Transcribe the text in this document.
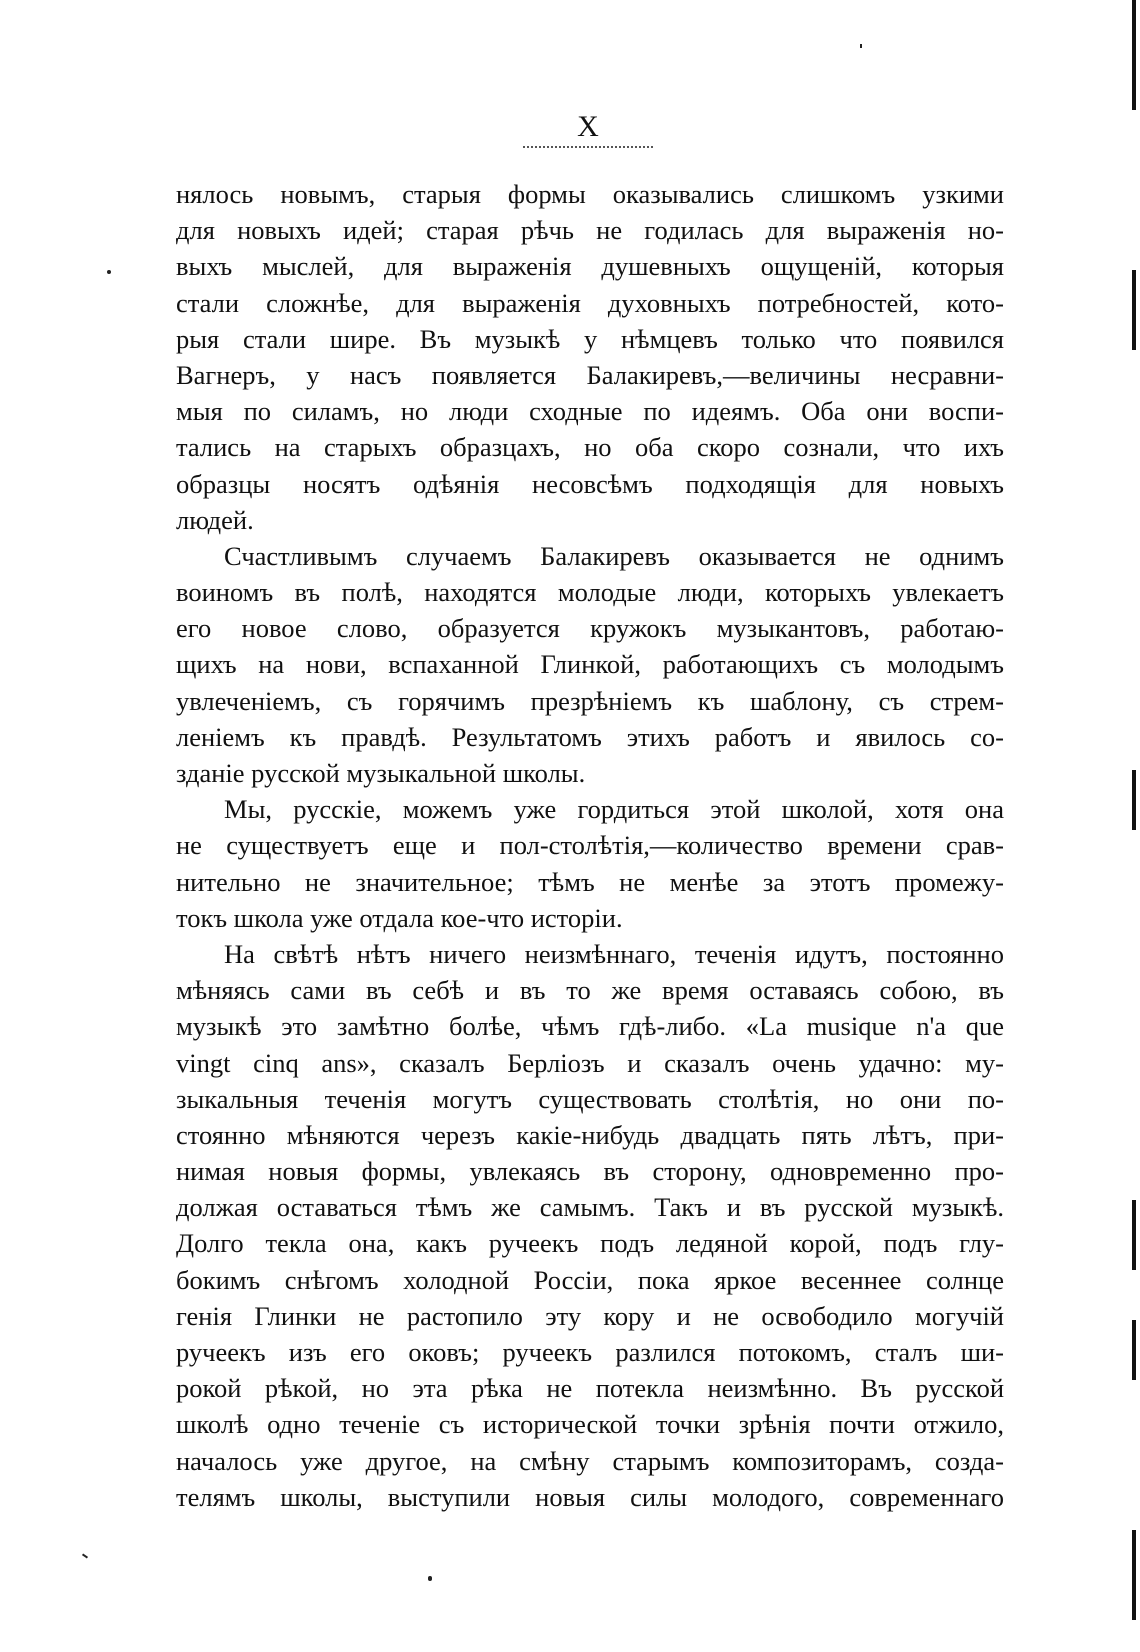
X
нялось новымъ, старыя формы оказывались слишкомъ узкими
для новыхъ идей; старая рѣчь не годилась для выраженія но-
выхъ мыслей, для выраженія душевныхъ ощущеній, которыя
стали сложнѣе, для выраженія духовныхъ потребностей, кото-
рыя стали шире. Въ музыкѣ у нѣмцевъ только что появился
Вагнеръ, у насъ появляется Балакиревъ,—величины несравни-
мыя по силамъ, но люди сходные по идеямъ. Оба они воспи-
тались на старыхъ образцахъ, но оба скоро сознали, что ихъ
образцы носятъ одѣянія несовсѣмъ подходящія для новыхъ
людей.
Счастливымъ случаемъ Балакиревъ оказывается не однимъ
воиномъ въ полѣ, находятся молодые люди, которыхъ увлекаетъ
его новое слово, образуется кружокъ музыкантовъ, работаю-
щихъ на нови, вспаханной Глинкой, работающихъ съ молодымъ
увлеченіемъ, съ горячимъ презрѣніемъ къ шаблону, съ стрем-
леніемъ къ правдѣ. Результатомъ этихъ работъ и явилось со-
зданіе русской музыкальной школы.
Мы, русскіе, можемъ уже гордиться этой школой, хотя она
не существуетъ еще и пол-столѣтія,—количество времени срав-
нительно не значительное; тѣмъ не менѣе за этотъ промежу-
токъ школа уже отдала кое-что исторіи.
На свѣтѣ нѣтъ ничего неизмѣннаго, теченія идутъ, постоянно
мѣняясь сами въ себѣ и въ то же время оставаясь собою, въ
музыкѣ это замѣтно болѣе, чѣмъ гдѣ-либо. «La musique n'a que
vingt cinq ans», сказалъ Берліозъ и сказалъ очень удачно: му-
зыкальныя теченія могутъ существовать столѣтія, но они по-
стоянно мѣняются черезъ какіе-нибудь двадцать пять лѣтъ, при-
нимая новыя формы, увлекаясь въ сторону, одновременно про-
должая оставаться тѣмъ же самымъ. Такъ и въ русской музыкѣ.
Долго текла она, какъ ручеекъ подъ ледяной корой, подъ глу-
бокимъ снѣгомъ холодной Россіи, пока яркое весеннее солнце
генія Глинки не растопило эту кору и не освободило могучій
ручеекъ изъ его оковъ; ручеекъ разлился потокомъ, сталъ ши-
рокой рѣкой, но эта рѣка не потекла неизмѣнно. Въ русской
школѣ одно теченіе съ исторической точки зрѣнія почти отжило,
началось уже другое, на смѣну старымъ композиторамъ, созда-
телямъ школы, выступили новыя силы молодого, современнаго
